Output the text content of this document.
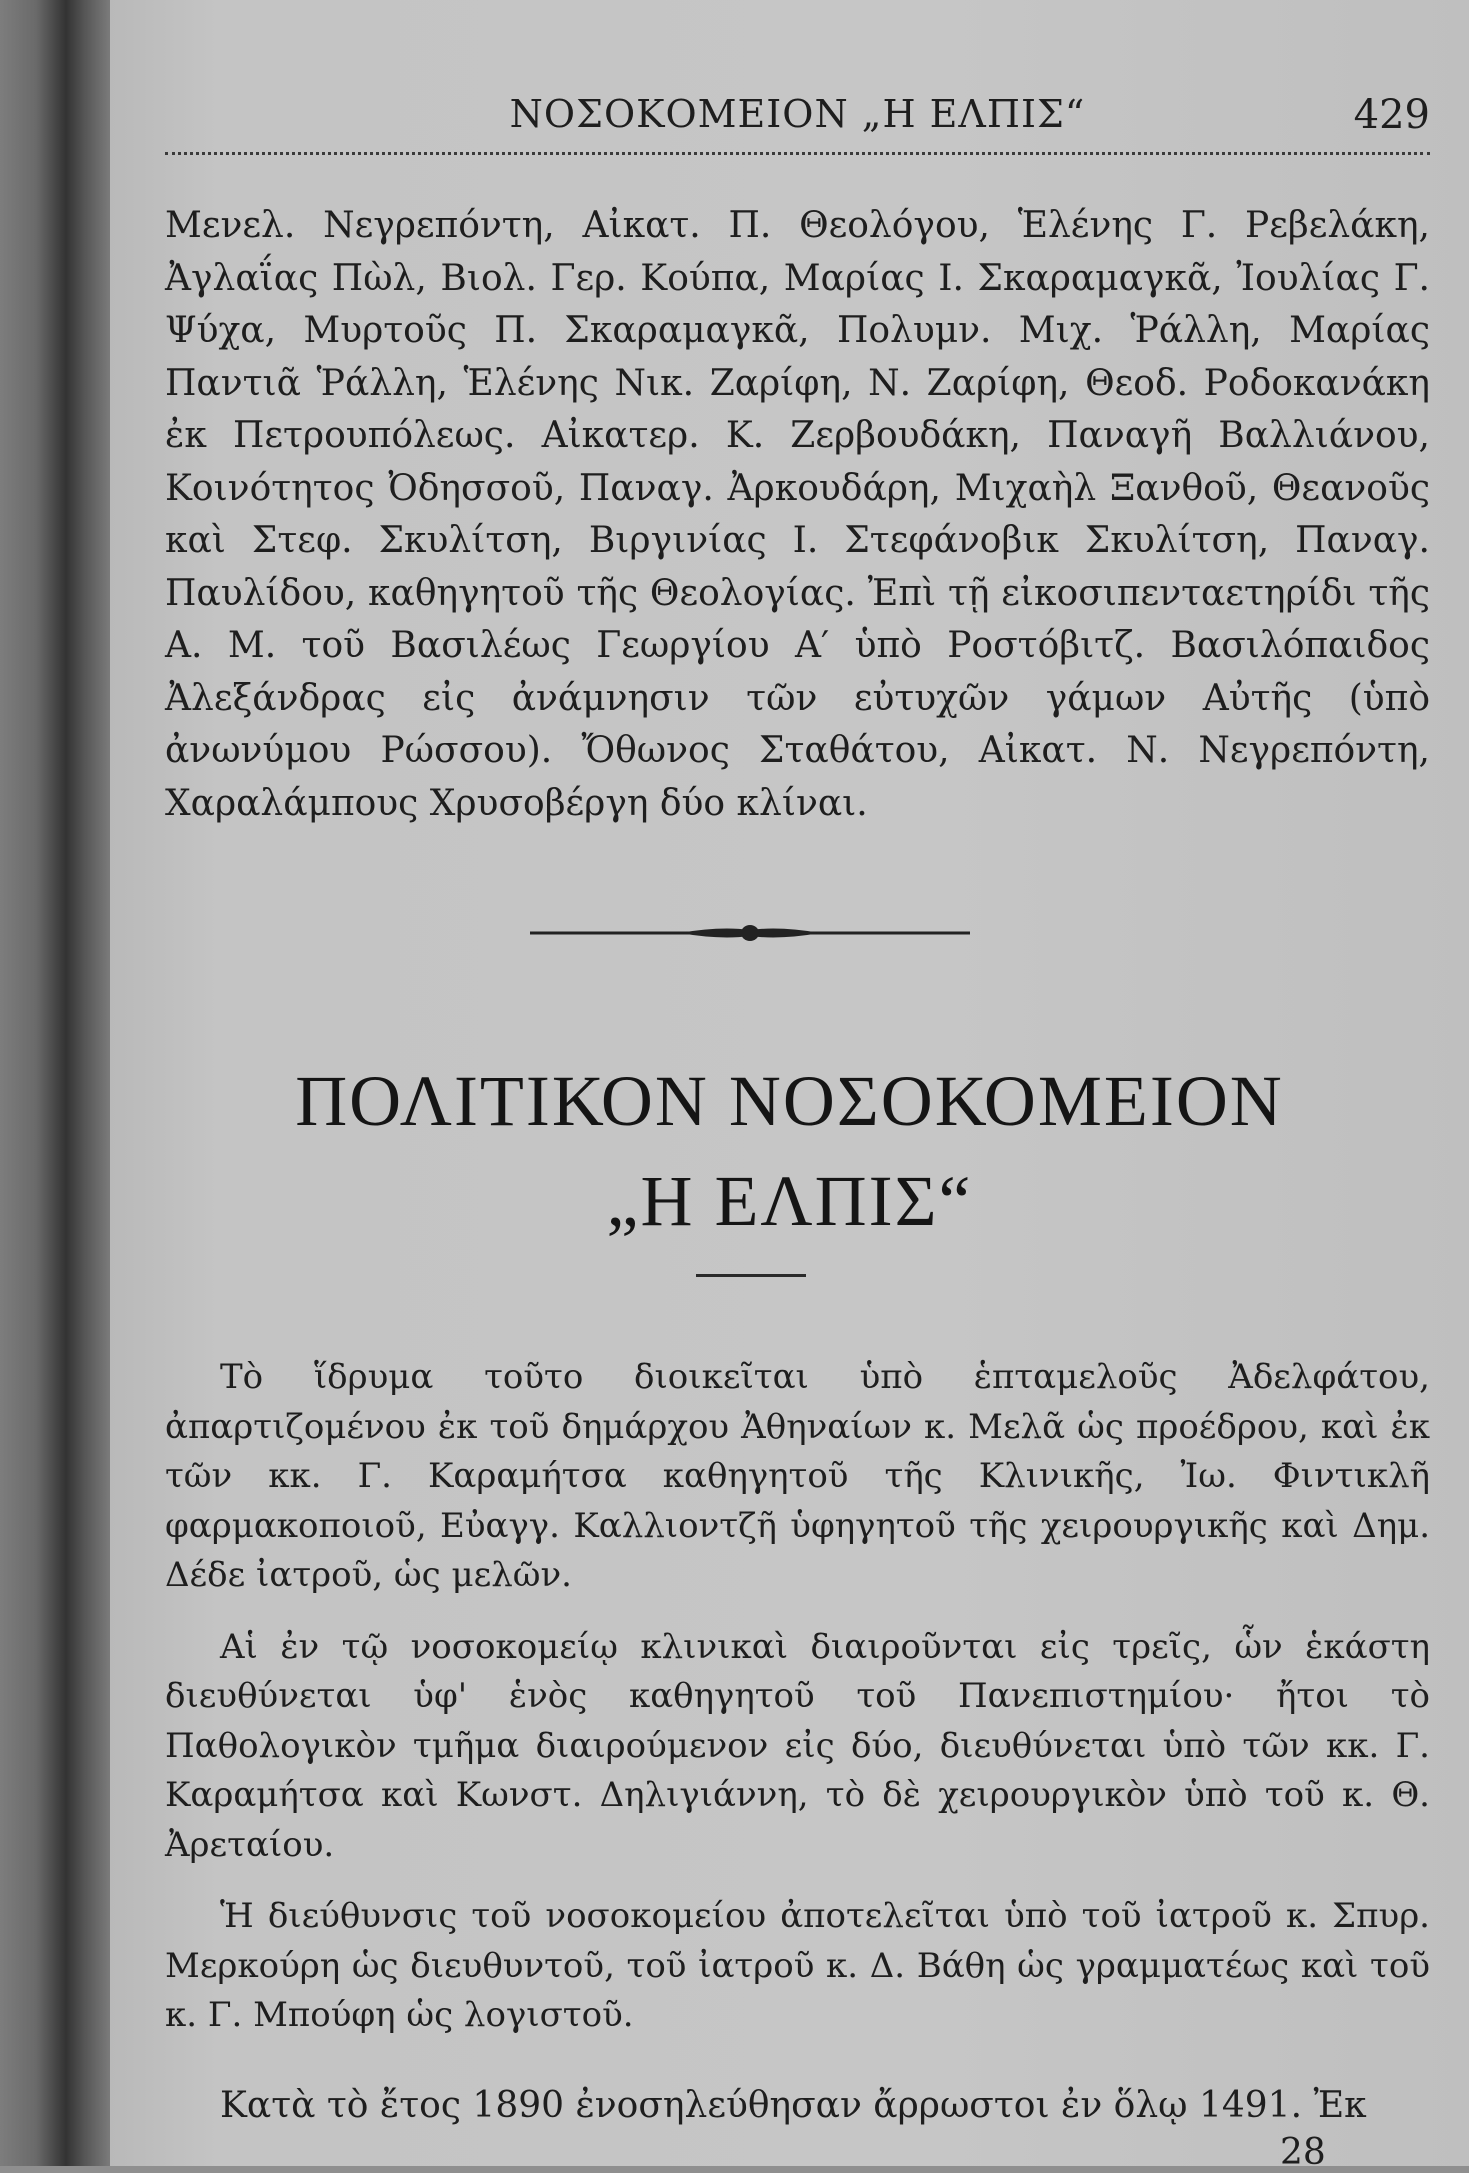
ΝΟΣΟΚΟΜΕΙΟΝ „Η ΕΛΠΙΣ“	429
Μενελ. Νεγρεπόντη, Αἰκατ. Π. Θεολόγου, Ἑλένης Γ. Ρεβελάκη, Ἀγλαΐας Πὼλ, Βιολ. Γερ. Κούπα, Μαρίας Ι. Σκαραμαγκᾶ, Ἰουλίας Γ. Ψύχα, Μυρτοῦς Π. Σκαραμαγκᾶ, Πολυμν. Μιχ. Ῥάλλη, Μαρίας Παντιᾶ Ῥάλλη, Ἑλένης Νικ. Ζαρίφη, Ν. Ζαρίφη, Θεοδ. Ροδοκανάκη ἐκ Πετρουπόλεως. Αἰκατερ. Κ. Ζερβουδάκη, Παναγῆ Βαλλιάνου, Κοινότητος Ὀδησσοῦ, Παναγ. Ἀρκουδάρη, Μιχαὴλ Ξανθοῦ, Θεανοῦς καὶ Στεφ. Σκυλίτση, Βιργινίας Ι. Στεφάνοβικ Σκυλίτση, Παναγ. Παυλίδου, καθηγητοῦ τῆς Θεολογίας. Ἐπὶ τῇ εἰκοσιπενταετηρίδι τῆς Α. Μ. τοῦ Βασιλέως Γεωργίου Α′ ὑπὸ Ροστόβιτζ. Βασιλόπαιδος Ἀλεξάνδρας εἰς ἀνάμνησιν τῶν εὐτυχῶν γάμων Αὐτῆς (ὑπὸ ἀνωνύμου Ρώσσου). Ὄθωνος Σταθάτου, Αἰκατ. Ν. Νεγρεπόντη, Χαραλάμπους Χρυσοβέργη δύο κλίναι.
ΠΟΛΙΤΙΚΟΝ ΝΟΣΟΚΟΜΕΙΟΝ
„Η ΕΛΠΙΣ“

Τὸ ἵδρυμα τοῦτο διοικεῖται ὑπὸ ἑπταμελοῦς Ἀδελφάτου, ἀπαρτιζομένου ἐκ τοῦ δημάρχου Ἀθηναίων κ. Μελᾶ ὡς προέδρου, καὶ ἐκ τῶν κκ. Γ. Καραμήτσα καθηγητοῦ τῆς Κλινικῆς, Ἰω. Φιντικλῆ φαρμακοποιοῦ, Εὐαγγ. Καλλιοντζῆ ὑφηγητοῦ τῆς χειρουργικῆς καὶ Δημ. Δέδε ἰατροῦ, ὡς μελῶν.

Αἱ ἐν τῷ νοσοκομείῳ κλινικαὶ διαιροῦνται εἰς τρεῖς, ὧν ἑκάστη διευθύνεται ὑφ' ἑνὸς καθηγητοῦ τοῦ Πανεπιστημίου· ἤτοι τὸ Παθολογικὸν τμῆμα διαιρούμενον εἰς δύο, διευθύνεται ὑπὸ τῶν κκ. Γ. Καραμήτσα καὶ Κωνστ. Δηλιγιάννη, τὸ δὲ χειρουργικὸν ὑπὸ τοῦ κ. Θ. Ἀρεταίου.

Ἡ διεύθυνσις τοῦ νοσοκομείου ἀποτελεῖται ὑπὸ τοῦ ἰατροῦ κ. Σπυρ. Μερκούρη ὡς διευθυντοῦ, τοῦ ἰατροῦ κ. Δ. Βάθη ὡς γραμματέως καὶ τοῦ κ. Γ. Μπούφη ὡς λογιστοῦ.

Κατὰ τὸ ἔτος 1890 ἐνοσηλεύθησαν ἄρρωστοι ἐν ὅλῳ 1491. Ἐκ
28
